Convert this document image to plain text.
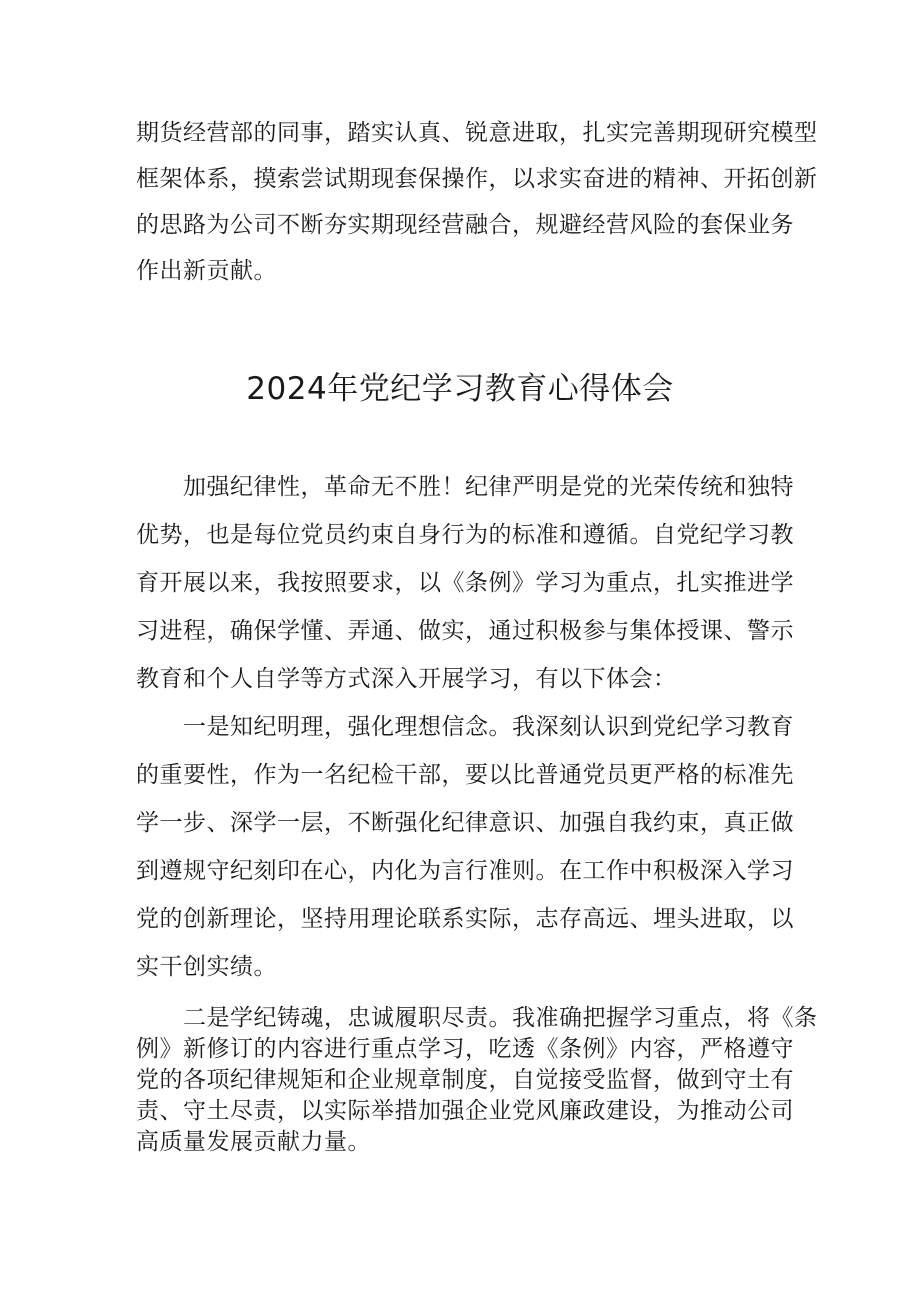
期货经营部的同事，踏实认真、锐意进取，扎实完善期现研究模型

框架体系，摸索尝试期现套保操作，以求实奋进的精神、开拓创新

的思路为公司不断夯实期现经营融合，规避经营风险的套保业务

作出新贡献。

2024年党纪学习教育心得体会

　　加强纪律性，革命无不胜！纪律严明是党的光荣传统和独特

优势，也是每位党员约束自身行为的标准和遵循。自党纪学习教

育开展以来，我按照要求，以《条例》学习为重点，扎实推进学

习进程，确保学懂、弄通、做实，通过积极参与集体授课、警示

教育和个人自学等方式深入开展学习，有以下体会：

　　一是知纪明理，强化理想信念。我深刻认识到党纪学习教育

的重要性，作为一名纪检干部，要以比普通党员更严格的标准先

学一步、深学一层，不断强化纪律意识、加强自我约束，真正做

到遵规守纪刻印在心，内化为言行准则。在工作中积极深入学习

党的创新理论，坚持用理论联系实际，志存高远、埋头进取，以

实干创实绩。

　　二是学纪铸魂，忠诚履职尽责。我准确把握学习重点，将《条

例》新修订的内容进行重点学习，吃透《条例》内容，严格遵守

党的各项纪律规矩和企业规章制度，自觉接受监督，做到守土有

责、守土尽责，以实际举措加强企业党风廉政建设，为推动公司

高质量发展贡献力量。
